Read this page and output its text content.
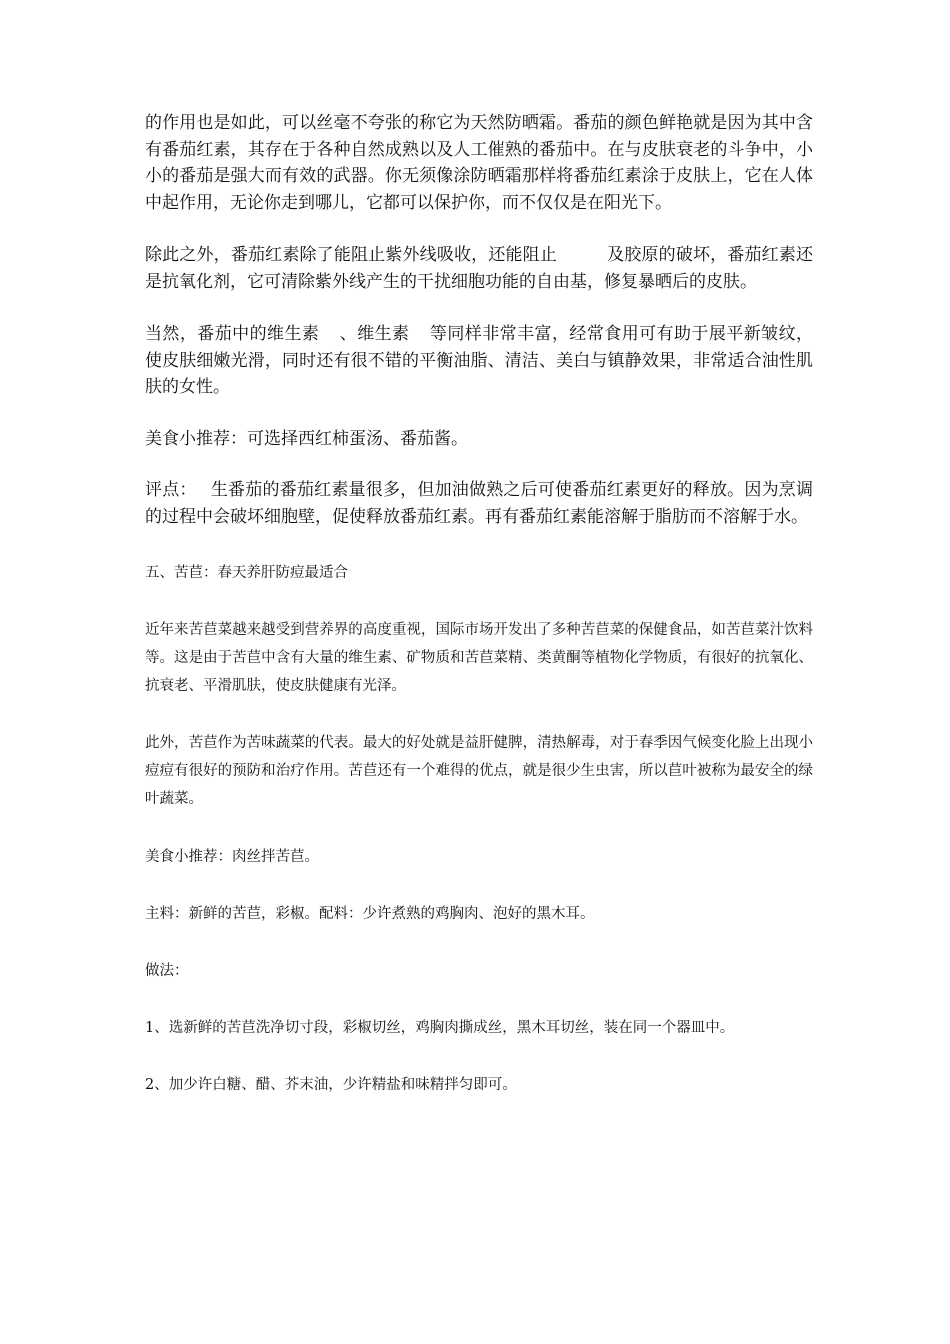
的作用也是如此，可以丝毫不夸张的称它为天然防晒霜。番茄的颜色鲜艳就是因为其中含有番茄红素，其存在于各种自然成熟以及人工催熟的番茄中。在与皮肤衰老的斗争中，小小的番茄是强大而有效的武器。你无须像涂防晒霜那样将番茄红素涂于皮肤上，它在人体中起作用，无论你走到哪儿，它都可以保护你，而不仅仅是在阳光下。

除此之外，番茄红素除了能阻止紫外线吸收，还能阻止	及胶原的破坏，番茄红素还是抗氧化剂，它可清除紫外线产生的干扰细胞功能的自由基，修复暴晒后的皮肤。

当然，番茄中的维生素 、维生素 等同样非常丰富，经常食用可有助于展平新皱纹，使皮肤细嫩光滑，同时还有很不错的平衡油脂、清洁、美白与镇静效果，非常适合油性肌肤的女性。

美食小推荐：可选择西红柿蛋汤、番茄酱。

评点： 生番茄的番茄红素量很多，但加油做熟之后可使番茄红素更好的释放。因为烹调的过程中会破坏细胞壁，促使释放番茄红素。再有番茄红素能溶解于脂肪而不溶解于水。

五、苦苣：春天养肝防痘最适合

近年来苦苣菜越来越受到营养界的高度重视，国际市场开发出了多种苦苣菜的保健食品，如苦苣菜汁饮料等。这是由于苦苣中含有大量的维生素、矿物质和苦苣菜精、类黄酮等植物化学物质，有很好的抗氧化、抗衰老、平滑肌肤，使皮肤健康有光泽。

此外，苦苣作为苦味蔬菜的代表。最大的好处就是益肝健脾，清热解毒，对于春季因气候变化脸上出现小痘痘有很好的预防和治疗作用。苦苣还有一个难得的优点，就是很少生虫害，所以苣叶被称为最安全的绿叶蔬菜。

美食小推荐：肉丝拌苦苣。

主料：新鲜的苦苣，彩椒。配料：少许煮熟的鸡胸肉、泡好的黑木耳。

做法：

1、选新鲜的苦苣洗净切寸段，彩椒切丝，鸡胸肉撕成丝，黑木耳切丝，装在同一个器皿中。

2、加少许白糖、醋、芥末油，少许精盐和味精拌匀即可。
